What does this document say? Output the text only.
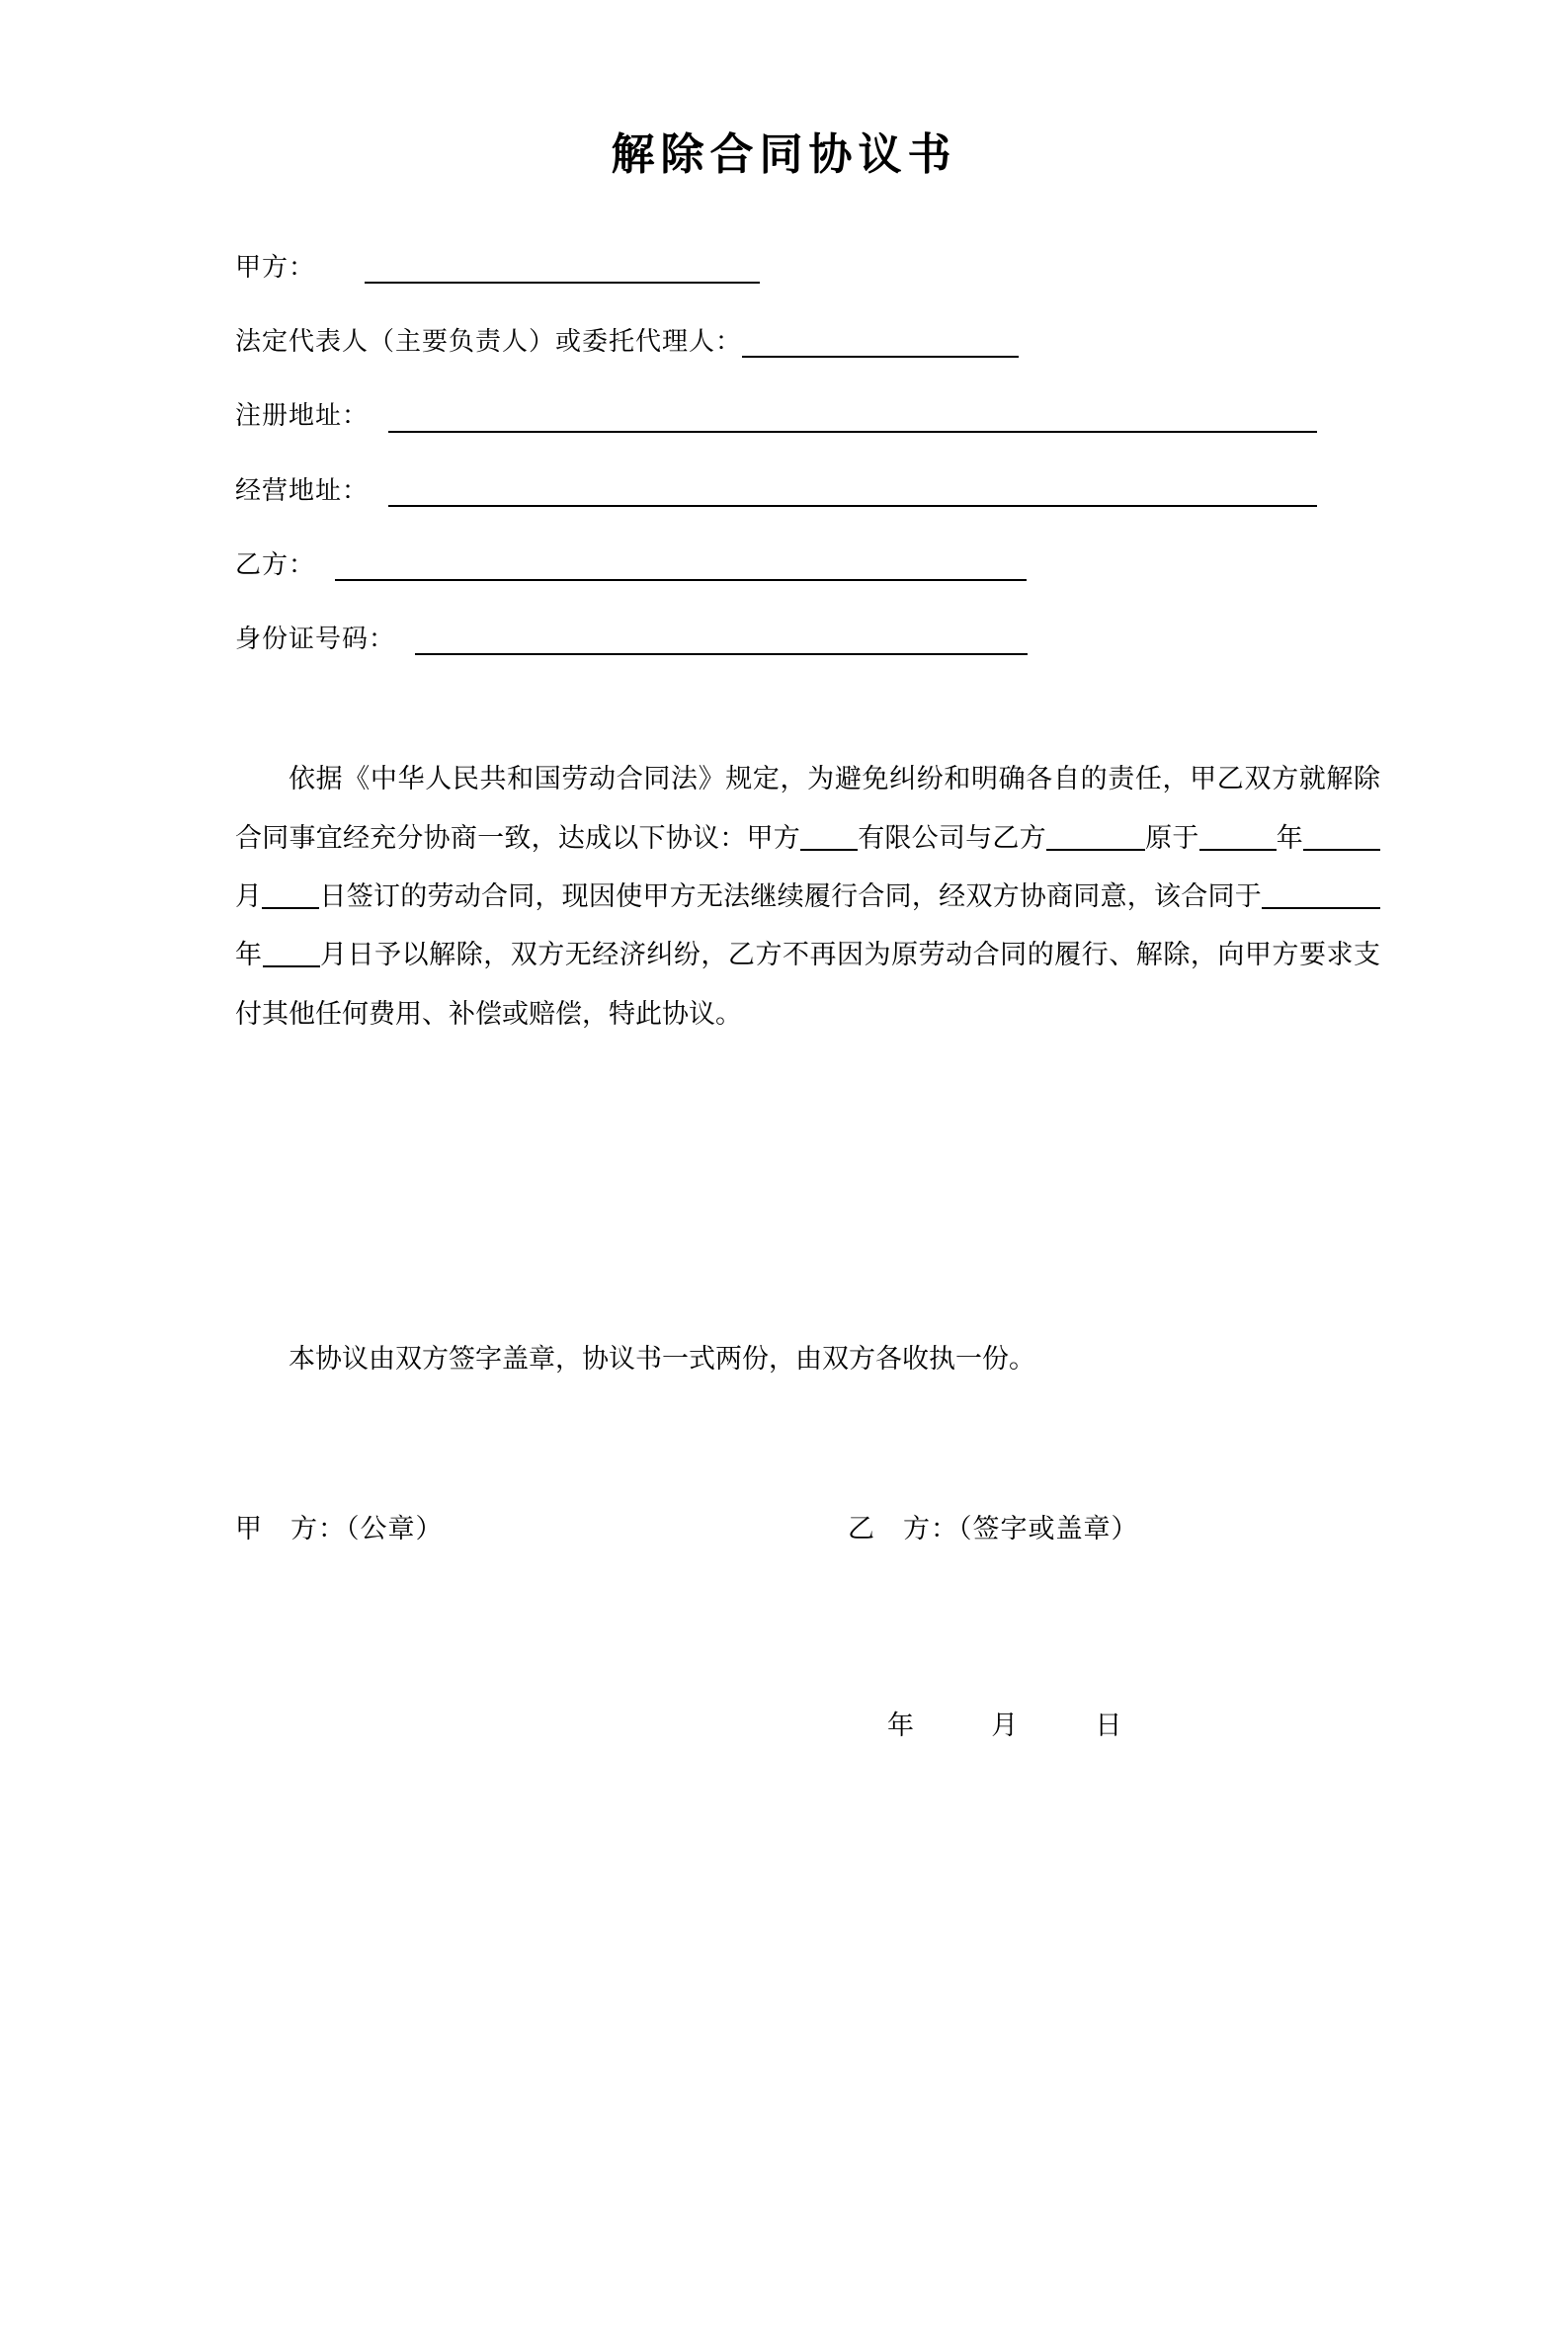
解除合同协议书
甲方：
法定代表人（主要负责人）或委托代理人：
注册地址：
经营地址：
乙方：
身份证号码：

依据《中华人民共和国劳动合同法》规定，为避免纠纷和明确各自的责任，甲乙双方就解除合同事宜经充分协商一致，达成以下协议：甲方 有限公司与乙方	原于	年月 日签订的劳动合同，现因使甲方无法继续履行合同，经双方协商同意，该合同于年 月日予以解除，双方无经济纠纷，乙方不再因为原劳动合同的履行、解除，向甲方要求支付其他任何费用、补偿或赔偿，特此协议。

本协议由双方签字盖章，协议书一式两份，由双方各收执一份。

甲　方：（公章）	乙　方：（签字或盖章）
年	月	日
